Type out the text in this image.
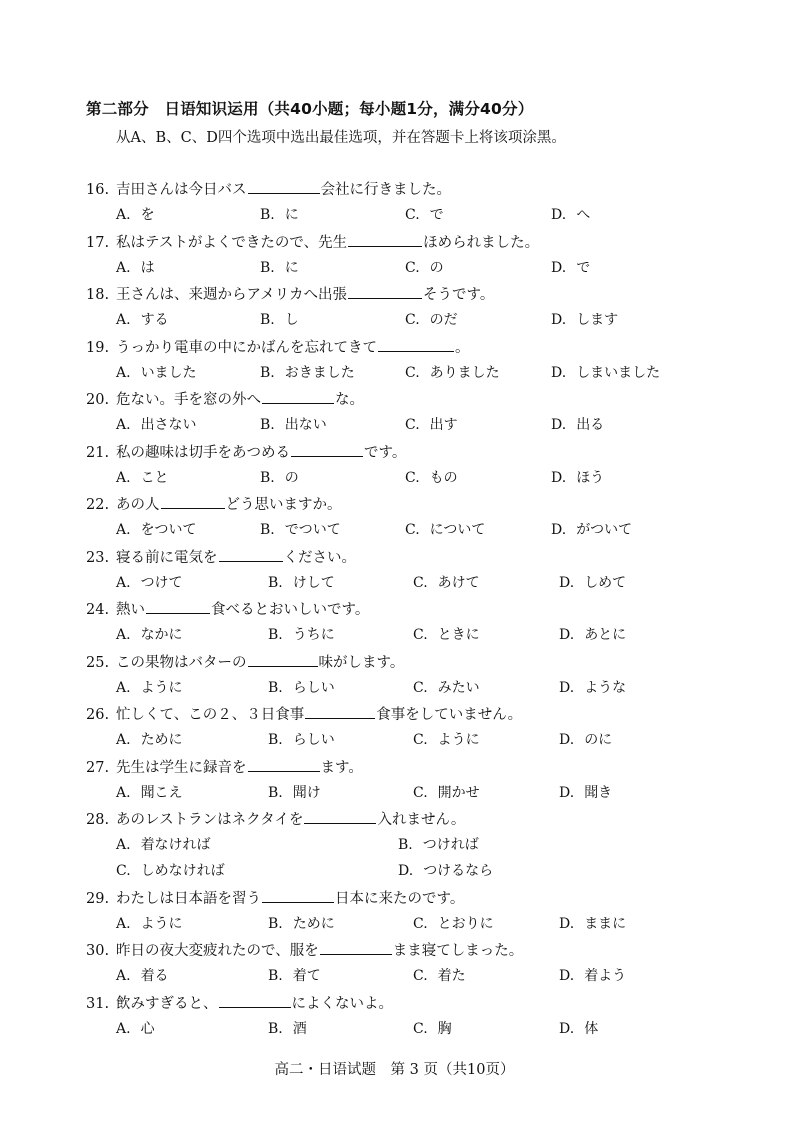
第二部分　日语知识运用（共40小题；每小题1分，满分40分）
从A、B、C、D四个选项中选出最佳选项，并在答题卡上将该项涂黑。
16. 吉田さんは今日バス	会社に行きました。
A. を	B. に	C. で	D. へ
17. 私はテストがよくできたので、先生	ほめられました。
A. は	B. に	C. の	D. で
18. 王さんは、来週からアメリカへ出張	そうです。
A. する	B. し	C. のだ	D. します
19. うっかり電車の中にかばんを忘れてきて	。
A. いました	B. おきました	C. ありました	D. しまいました
20. 危ない。手を窓の外へ	な。
A. 出さない	B. 出ない	C. 出す	D. 出る
21. 私の趣味は切手をあつめる	です。
A. こと	B. の	C. もの	D. ほう
22. あの人	どう思いますか。
A. をついて	B. でついて	C. について	D. がついて
23. 寝る前に電気を	ください。
A. つけて	B. けして	C. あけて	D. しめて
24. 熱い	食べるとおいしいです。
A. なかに	B. うちに	C. ときに	D. あとに
25. この果物はバターの	味がします。
A. ように	B. らしい	C. みたい	D. ような
26. 忙しくて、この２、３日食事	食事をしていません。
A. ために	B. らしい	C. ように	D. のに
27. 先生は学生に録音を	ます。
A. 聞こえ	B. 聞け	C. 開かせ	D. 聞き
28. あのレストランはネクタイを	入れません。
A. 着なければ	B. つければ
C. しめなければ	D. つけるなら
29. わたしは日本語を習う	日本に来たのです。
A. ように	B. ために	C. とおりに	D. ままに
30. 昨日の夜大変疲れたので、服を	まま寝てしまった。
A. 着る	B. 着て	C. 着た	D. 着よう
31. 飲みすぎると、	によくないよ。
A. 心	B. 酒	C. 胸	D. 体
高二・日语试题　第 3 页（共10页）
